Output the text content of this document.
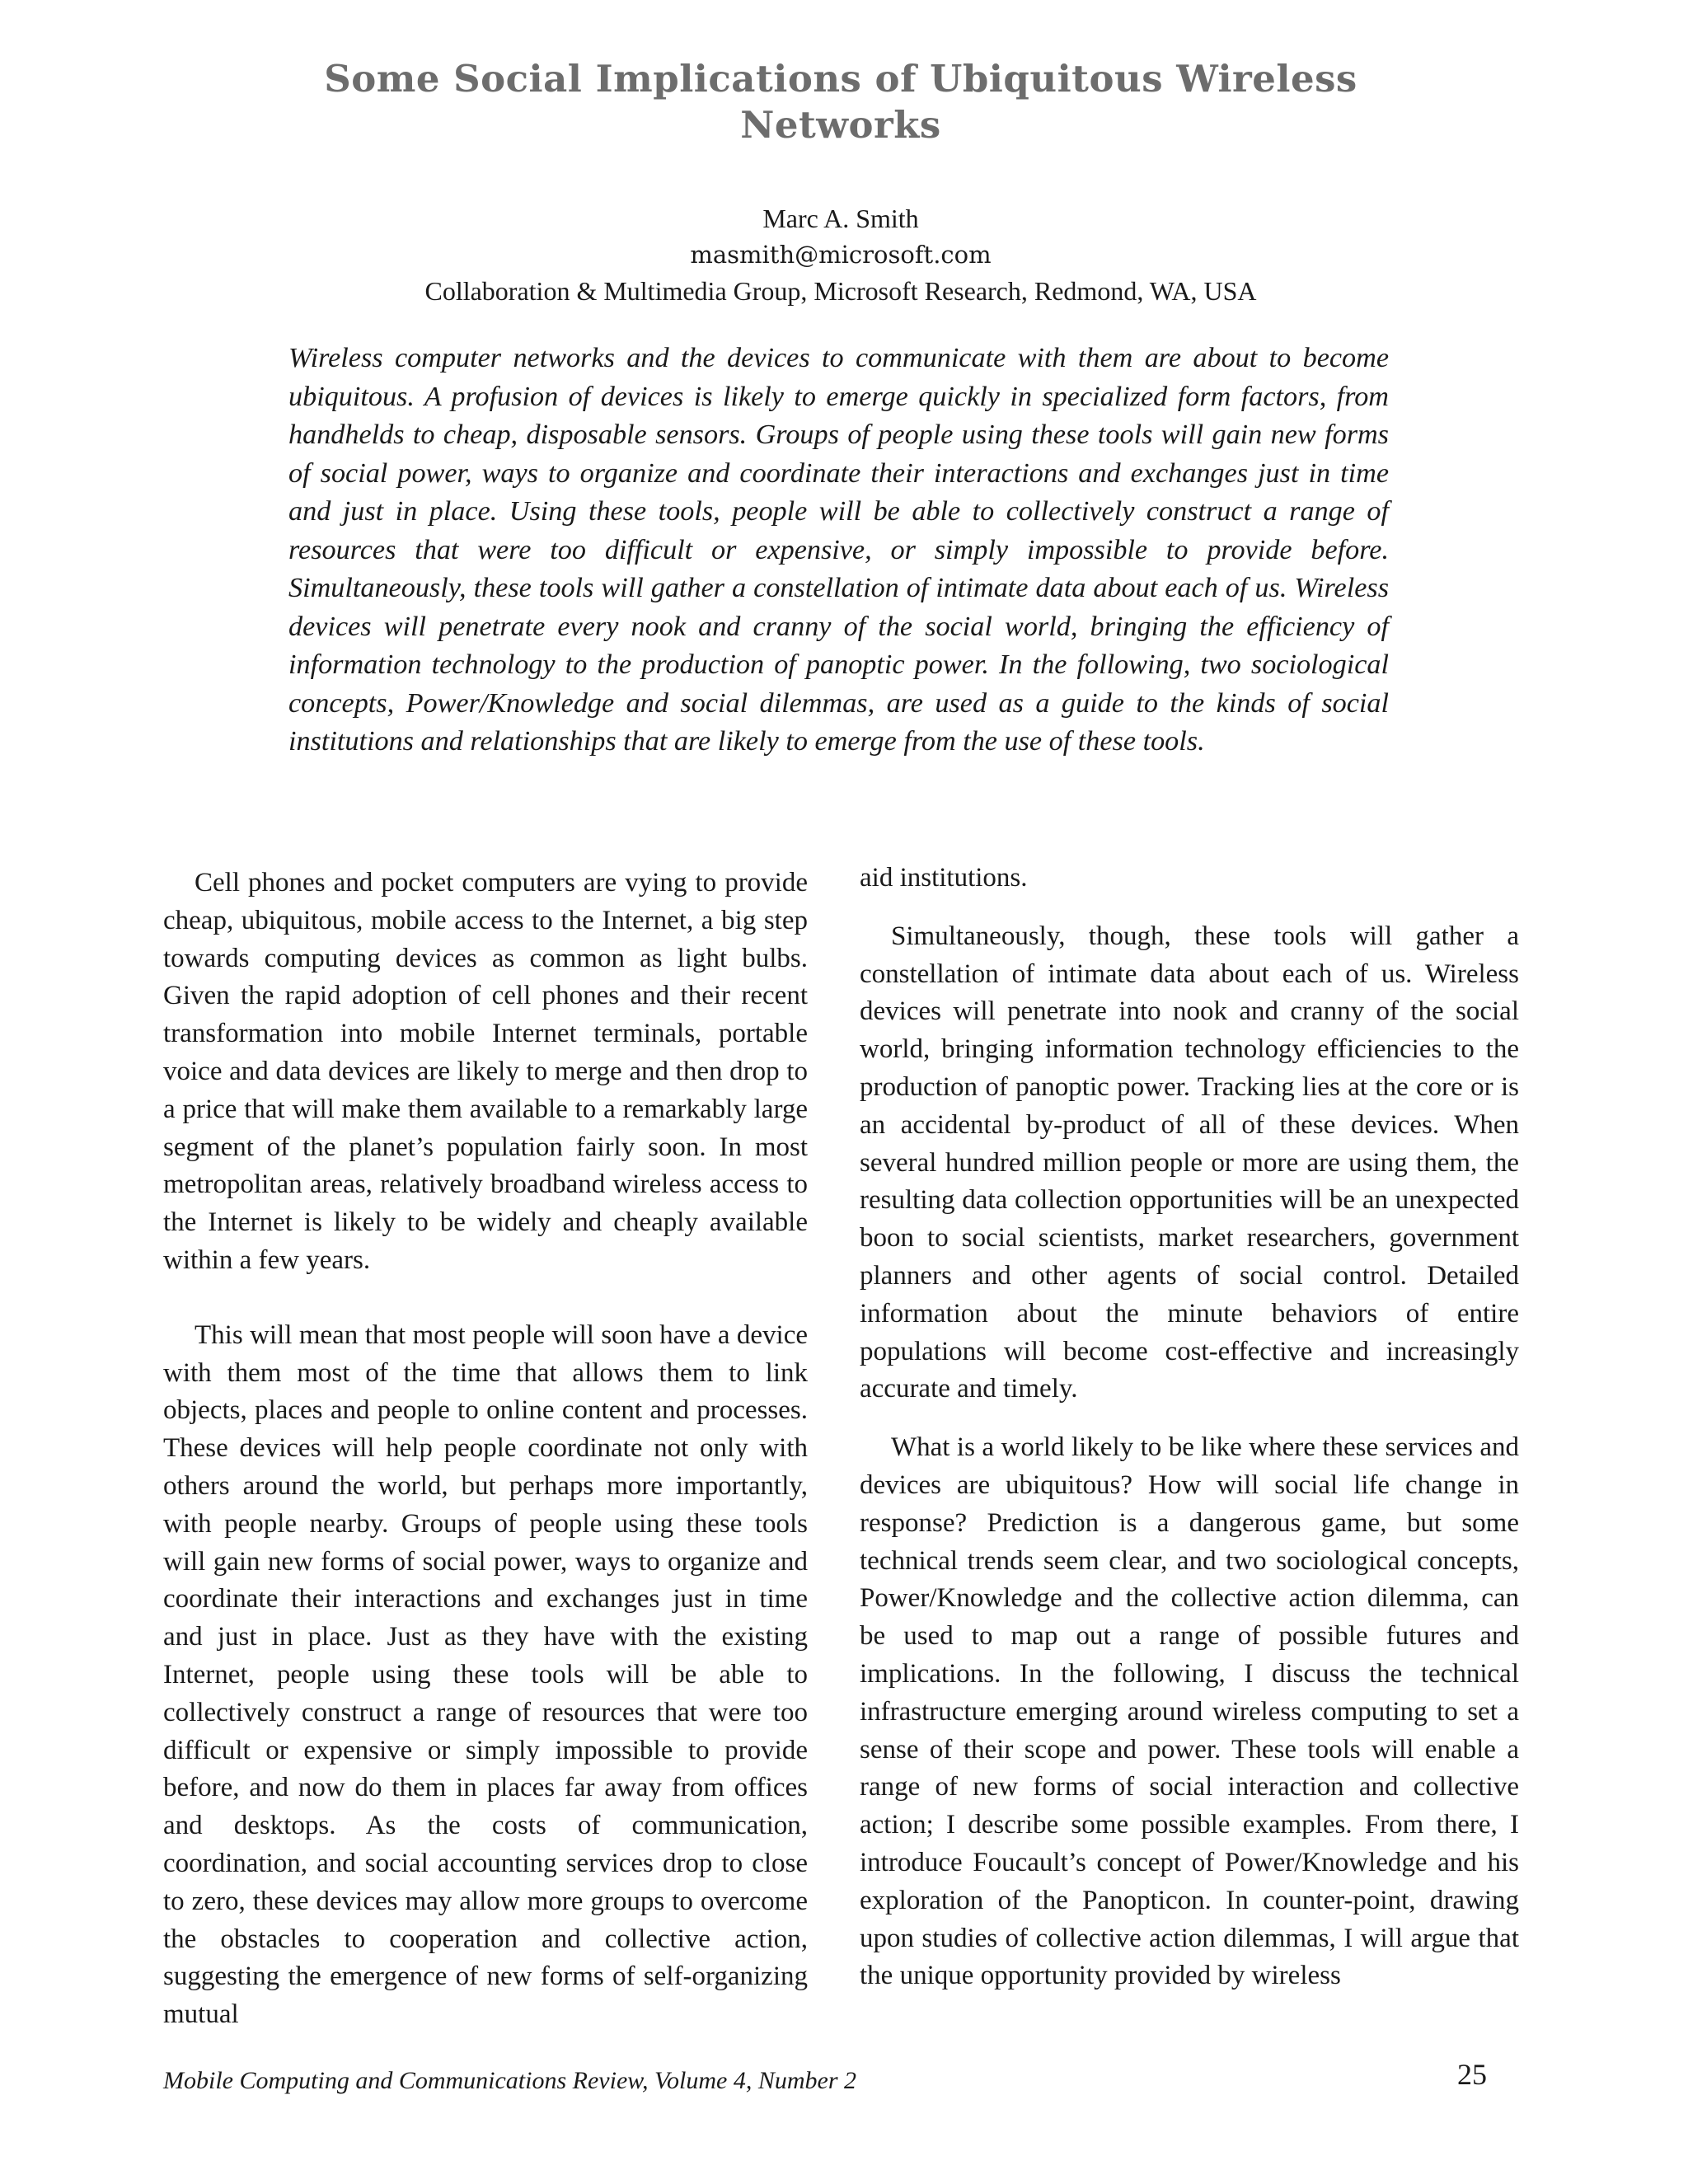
Some Social Implications of Ubiquitous Wireless Networks
Marc A. Smith
masmith@microsoft.com
Collaboration & Multimedia Group, Microsoft Research, Redmond, WA, USA

Wireless computer networks and the devices to communicate with them are about to become ubiquitous. A profusion of devices is likely to emerge quickly in specialized form factors, from handhelds to cheap, disposable sensors. Groups of people using these tools will gain new forms of social power, ways to organize and coordinate their interactions and exchanges just in time and just in place. Using these tools, people will be able to collectively construct a range of resources that were too difficult or expensive, or simply impossible to provide before. Simultaneously, these tools will gather a constellation of intimate data about each of us. Wireless devices will penetrate every nook and cranny of the social world, bringing the efficiency of information technology to the production of panoptic power. In the following, two sociological concepts, Power/Knowledge and social dilemmas, are used as a guide to the kinds of social institutions and relationships that are likely to emerge from the use of these tools.

Cell phones and pocket computers are vying to provide cheap, ubiquitous, mobile access to the Internet, a big step towards computing devices as common as light bulbs. Given the rapid adoption of cell phones and their recent transformation into mobile Internet terminals, portable voice and data devices are likely to merge and then drop to a price that will make them available to a remarkably large segment of the planet’s population fairly soon. In most metropolitan areas, relatively broadband wireless access to the Internet is likely to be widely and cheaply available within a few years.

This will mean that most people will soon have a device with them most of the time that allows them to link objects, places and people to online content and processes. These devices will help people coordinate not only with others around the world, but perhaps more importantly, with people nearby. Groups of people using these tools will gain new forms of social power, ways to organize and coordinate their interactions and exchanges just in time and just in place. Just as they have with the existing Internet, people using these tools will be able to collectively construct a range of resources that were too difficult or expensive or simply impossible to provide before, and now do them in places far away from offices and desktops. As the costs of communication, coordination, and social accounting services drop to close to zero, these devices may allow more groups to overcome the obstacles to cooperation and collective action, suggesting the emergence of new forms of self-organizing mutual

aid institutions.

Simultaneously, though, these tools will gather a constellation of intimate data about each of us. Wireless devices will penetrate into nook and cranny of the social world, bringing information technology efficiencies to the production of panoptic power. Tracking lies at the core or is an accidental by-product of all of these devices. When several hundred million people or more are using them, the resulting data collection opportunities will be an unexpected boon to social scientists, market researchers, government planners and other agents of social control. Detailed information about the minute behaviors of entire populations will become cost-effective and increasingly accurate and timely.

What is a world likely to be like where these services and devices are ubiquitous? How will social life change in response? Prediction is a dangerous game, but some technical trends seem clear, and two sociological concepts, Power/Knowledge and the collective action dilemma, can be used to map out a range of possible futures and implications. In the following, I discuss the technical infrastructure emerging around wireless computing to set a sense of their scope and power. These tools will enable a range of new forms of social interaction and collective action; I describe some possible examples. From there, I introduce Foucault’s concept of Power/Knowledge and his exploration of the Panopticon. In counter-point, drawing upon studies of collective action dilemmas, I will argue that the unique opportunity provided by wireless

Mobile Computing and Communications Review, Volume 4, Number 2	25
